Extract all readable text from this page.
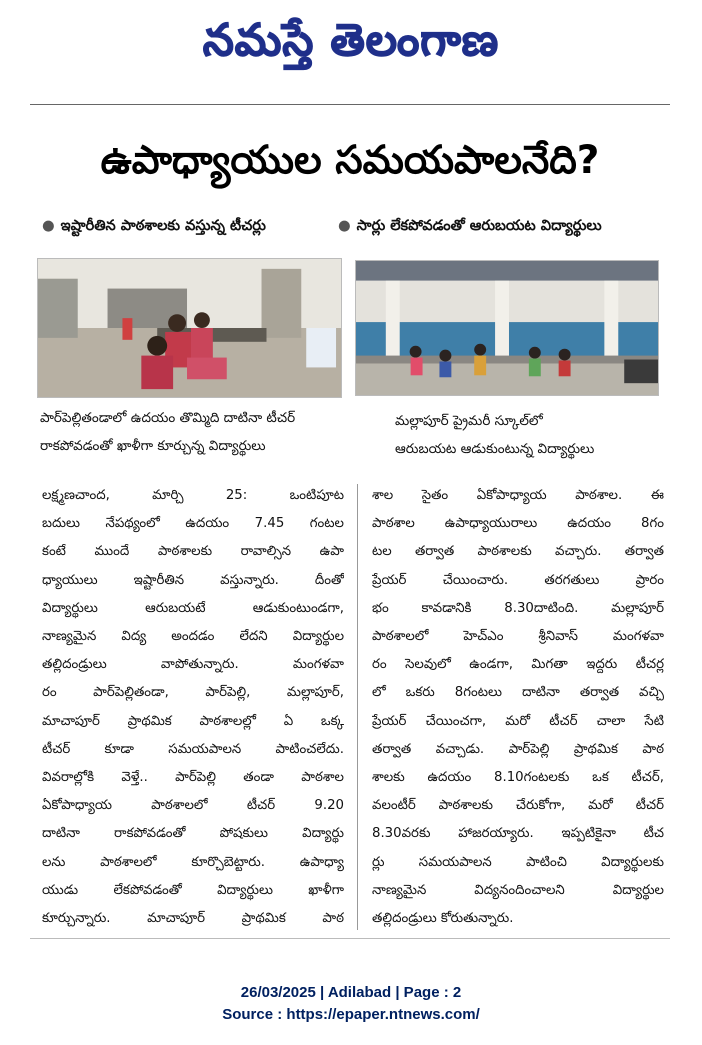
నమస్తే తెలంగాణ
ఉపాధ్యాయుల సమయపాలనేది?
● ఇష్టారీతిన పాఠశాలకు వస్తున్న టీచర్లు	● సార్లు లేకపోవడంతో ఆరుబయట విద్యార్థులు
పార్‌పెల్లితండాలో ఉదయం తొమ్మిది దాటినా టీచర్
రాకపోవడంతో ఖాళీగా కూర్చున్న విద్యార్థులు
మల్లాపూర్ ప్రైమరీ స్కూల్‌లో
ఆరుబయట ఆడుకుంటున్న విద్యార్థులు
లక్ష్మణచాంద, మార్చి 25: ఒంటిపూట
బదులు నేపథ్యంలో ఉదయం 7.45 గంటల
కంటే ముందే పాఠశాలకు రావాల్సిన ఉపా
ధ్యాయులు ఇష్టారీతిన వస్తున్నారు. దీంతో
విద్యార్థులు ఆరుబయటే ఆడుకుంటుండగా,
నాణ్యమైన విద్య అందడం లేదని విద్యార్థుల
తల్లిదండ్రులు వాపోతున్నారు. మంగళవా
రం పార్‌పెల్లితండా, పార్‌పెల్లి, మల్లాపూర్,
మాచాపూర్ ప్రాథమిక పాఠశాలల్లో ఏ ఒక్క
టీచర్ కూడా సమయపాలన పాటించలేదు.
వివరాల్లోకి వెళ్తే.. పార్‌పెల్లి తండా పాఠశాల
ఏకోపాధ్యాయ పాఠశాలలో టీచర్ 9.20
దాటినా రాకపోవడంతో పోషకులు విద్యార్థు
లను పాఠశాలలో కూర్చొబెట్టారు. ఉపాధ్యా
యుడు లేకపోవడంతో విద్యార్థులు ఖాళీగా
కూర్చున్నారు. మాచాపూర్ ప్రాథమిక పాఠ
శాల సైతం ఏకోపాధ్యాయ పాఠశాల. ఈ
పాఠశాల ఉపాధ్యాయురాలు ఉదయం 8గం
టల తర్వాత పాఠశాలకు వచ్చారు. తర్వాత
ప్రేయర్ చేయించారు. తరగతులు ప్రారం
భం కావడానికి 8.30దాటింది. మల్లాపూర్
పాఠశాలలో హెచ్‌ఎం శ్రీనివాస్ మంగళవా
రం సెలవులో ఉండగా, మిగతా ఇద్దరు టీచర్ల
లో ఒకరు 8గంటలు దాటినా తర్వాత వచ్చి
ప్రేయర్ చేయించగా, మరో టీచర్ చాలా సేటి
తర్వాత వచ్చాడు. పార్‌పెల్లి ప్రాథమిక పాఠ
శాలకు ఉదయం 8.10గంటలకు ఒక టీచర్,
వలంటీర్ పాఠశాలకు చేరుకోగా, మరో టీచర్
8.30వరకు హాజరయ్యారు. ఇప్పటికైనా టీచ
ర్లు సమయపాలన పాటించి విద్యార్థులకు
నాణ్యమైన విద్యనందించాలని విద్యార్థుల
తల్లిదండ్రులు కోరుతున్నారు.
26/03/2025 | Adilabad | Page : 2
Source : https://epaper.ntnews.com/
